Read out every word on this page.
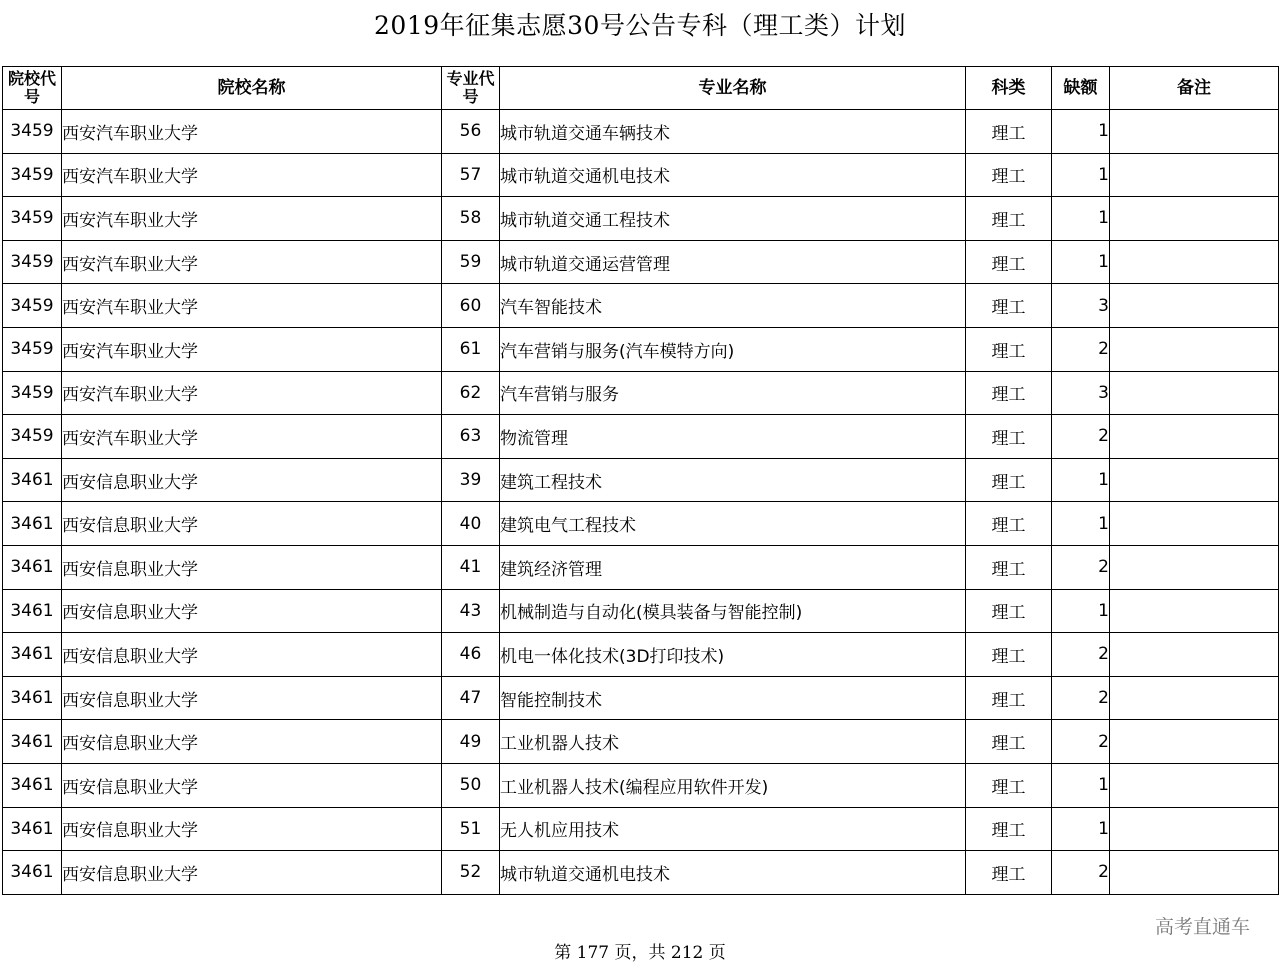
2019年征集志愿30号公告专科（理工类）计划
院校代号	院校名称	专业代号	专业名称	科类	缺额	备注
3459	西安汽车职业大学	56	城市轨道交通车辆技术	理工	1	
3459	西安汽车职业大学	57	城市轨道交通机电技术	理工	1	
3459	西安汽车职业大学	58	城市轨道交通工程技术	理工	1	
3459	西安汽车职业大学	59	城市轨道交通运营管理	理工	1	
3459	西安汽车职业大学	60	汽车智能技术	理工	3	
3459	西安汽车职业大学	61	汽车营销与服务(汽车模特方向)	理工	2	
3459	西安汽车职业大学	62	汽车营销与服务	理工	3	
3459	西安汽车职业大学	63	物流管理	理工	2	
3461	西安信息职业大学	39	建筑工程技术	理工	1	
3461	西安信息职业大学	40	建筑电气工程技术	理工	1	
3461	西安信息职业大学	41	建筑经济管理	理工	2	
3461	西安信息职业大学	43	机械制造与自动化(模具装备与智能控制)	理工	1	
3461	西安信息职业大学	46	机电一体化技术(3D打印技术)	理工	2	
3461	西安信息职业大学	47	智能控制技术	理工	2	
3461	西安信息职业大学	49	工业机器人技术	理工	2	
3461	西安信息职业大学	50	工业机器人技术(编程应用软件开发)	理工	1	
3461	西安信息职业大学	51	无人机应用技术	理工	1	
3461	西安信息职业大学	52	城市轨道交通机电技术	理工	2	
高考直通车
第 177 页，共 212 页
